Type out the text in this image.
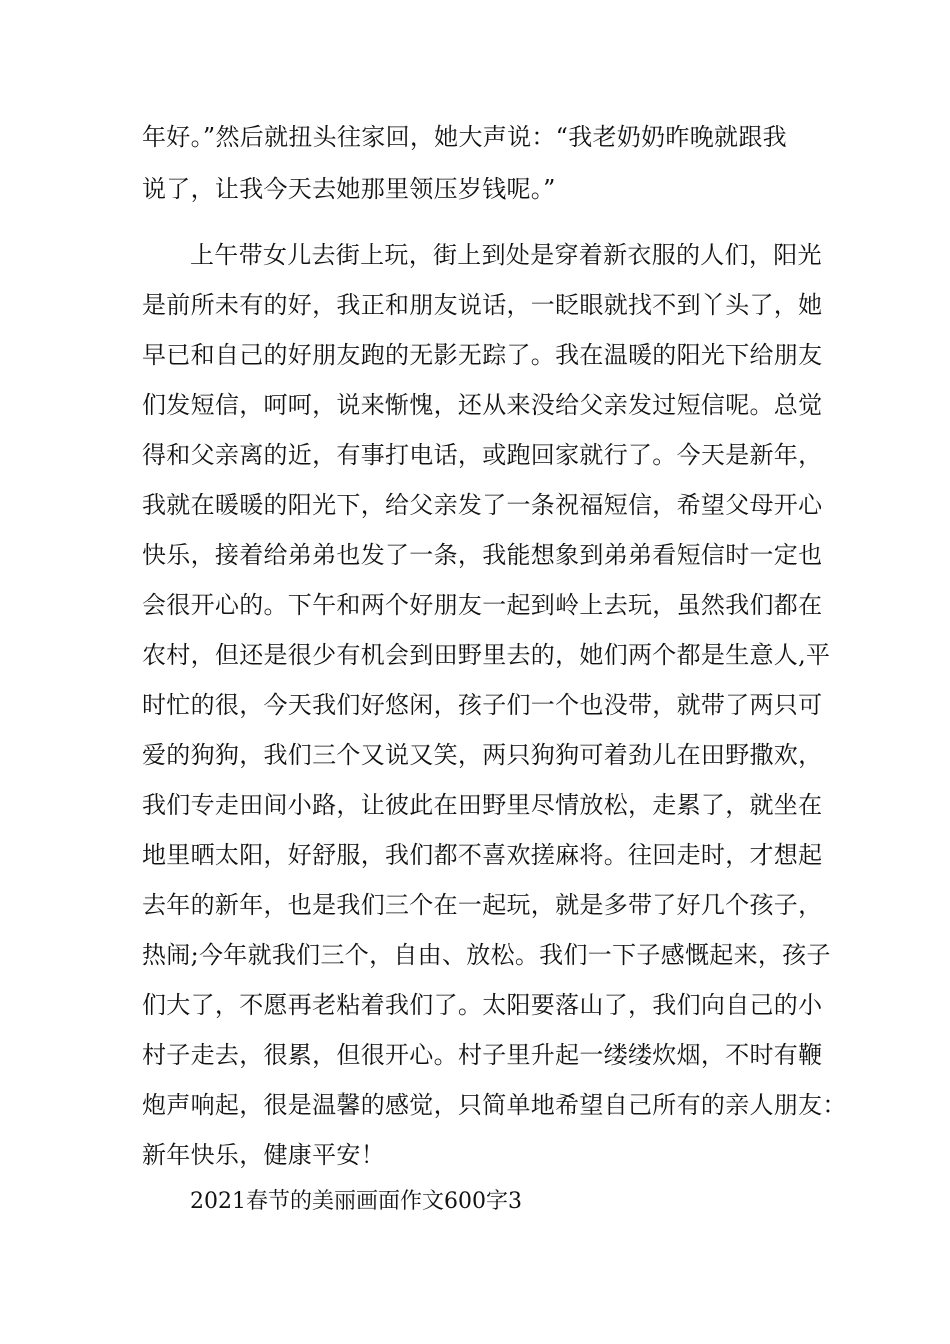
年好。”然后就扭头往家回，她大声说：“我老奶奶昨晚就跟我
说了，让我今天去她那里领压岁钱呢。”
上午带女儿去街上玩，街上到处是穿着新衣服的人们，阳光
是前所未有的好，我正和朋友说话，一眨眼就找不到丫头了，她
早已和自己的好朋友跑的无影无踪了。我在温暖的阳光下给朋友
们发短信，呵呵，说来惭愧，还从来没给父亲发过短信呢。总觉
得和父亲离的近，有事打电话，或跑回家就行了。今天是新年，
我就在暖暖的阳光下，给父亲发了一条祝福短信，希望父母开心
快乐，接着给弟弟也发了一条，我能想象到弟弟看短信时一定也
会很开心的。下午和两个好朋友一起到岭上去玩，虽然我们都在
农村，但还是很少有机会到田野里去的，她们两个都是生意人,平
时忙的很，今天我们好悠闲，孩子们一个也没带，就带了两只可
爱的狗狗，我们三个又说又笑，两只狗狗可着劲儿在田野撒欢，
我们专走田间小路，让彼此在田野里尽情放松，走累了，就坐在
地里晒太阳，好舒服，我们都不喜欢搓麻将。往回走时，才想起
去年的新年，也是我们三个在一起玩，就是多带了好几个孩子，
热闹;今年就我们三个，自由、放松。我们一下子感慨起来，孩子
们大了，不愿再老粘着我们了。太阳要落山了，我们向自己的小
村子走去，很累，但很开心。村子里升起一缕缕炊烟，不时有鞭
炮声响起，很是温馨的感觉，只简单地希望自己所有的亲人朋友：
新年快乐，健康平安！
2021春节的美丽画面作文600字3
